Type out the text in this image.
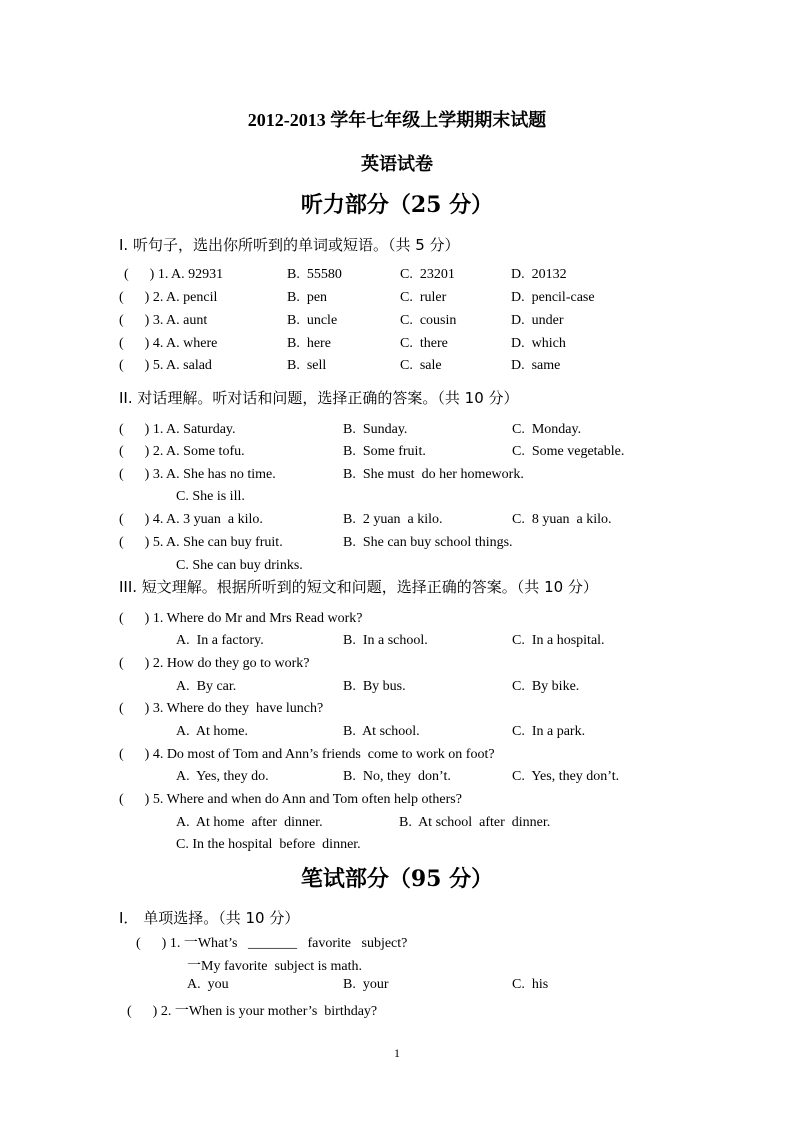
2012-2013 学年七年级上学期期末试题
英语试卷
听力部分（25 分）
I. 听句子，选出你所听到的单词或短语。（共 5 分）
(      ) 1. A. 92931	B.  55580	C.  23201	D.  20132
(      ) 2. A. pencil	B.  pen	C.  ruler	D.  pencil-case
(      ) 3. A. aunt	B.  uncle	C.  cousin	D.  under
(      ) 4. A. where	B.  here	C.  there	D.  which
(      ) 5. A. salad	B.  sell	C.  sale	D.  same
II. 对话理解。听对话和问题，选择正确的答案。（共 10 分）
(      ) 1. A. Saturday.	B.  Sunday.	C.  Monday.
(      ) 2. A. Some tofu.	B.  Some fruit.	C.  Some vegetable.
(      ) 3. A. She has no time.	B.  She must  do her homework.
C. She is ill.
(      ) 4. A. 3 yuan  a kilo.	B.  2 yuan  a kilo.	C.  8 yuan  a kilo.
(      ) 5. A. She can buy fruit.	B.  She can buy school things.
C. She can buy drinks.
III. 短文理解。根据所听到的短文和问题，选择正确的答案。（共 10 分）
(      ) 1. Where do Mr and Mrs Read work?
A.  In a factory.	B.  In a school.	C.  In a hospital.
(      ) 2. How do they go to work?
A.  By car.	B.  By bus.	C.  By bike.
(      ) 3. Where do they  have lunch?
A.  At home.	B.  At school.	C.  In a park.
(      ) 4. Do most of Tom and Ann’s friends  come to work on foot?
A.  Yes, they do.	B.  No, they  don’t.	C.  Yes, they don’t.
(      ) 5. Where and when do Ann and Tom often help others?
A.  At home  after  dinner.	B.  At school  after  dinner.
C. In the hospital  before  dinner.
笔试部分（95 分）
I． 单项选择。（共 10 分）
(      ) 1. 一What’s   _______   favorite   subject?
一My favorite  subject is math.
A.  you	B.  your	C.  his
(      ) 2. 一When is your mother’s  birthday?
1
